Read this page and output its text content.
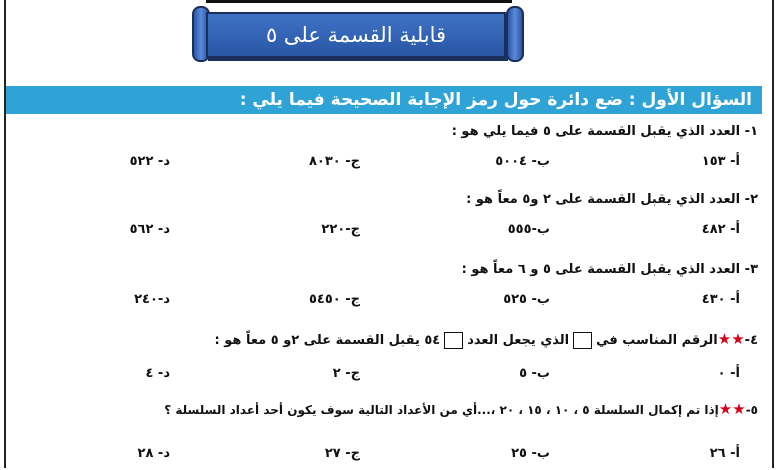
قابلية القسمة على ٥
السؤال الأول : ضع دائرة حول رمز الإجابة الصحيحة فيما يلي :
١- العدد الذي يقبل القسمة على ٥ فيما يلي هو :
أ- ١٥٣
ب- ٥٠٠٤
ج- ٨٠٣٠
د- ٥٢٢
٢- العدد الذي يقبل القسمة على ٢ و٥ معاً هو :
أ- ٤٨٢
ب-٥٥٥
ج-٢٢٠
د- ٥٦٢
٣- العدد الذي يقبل القسمة على ٥ و ٦ معاً هو :
أ- ٤٣٠
ب- ٥٢٥
ج- ٥٤٥٠
د-٢٤٠
٤-★★الرقم المناسب فيالذي يجعل العدد٥٤ يقبل القسمة على ٢و ٥ معاً هو :
أ- ٠
ب- ٥
ج- ٢
د- ٤
٥-★★إذا تم إكمال السلسلة ٥ ، ١٠ ، ١٥ ، ٢٠ ،...أي من الأعداد التالية سوف يكون أحد أعداد السلسلة ؟
أ- ٢٦
ب- ٢٥
ج- ٢٧
د- ٢٨
